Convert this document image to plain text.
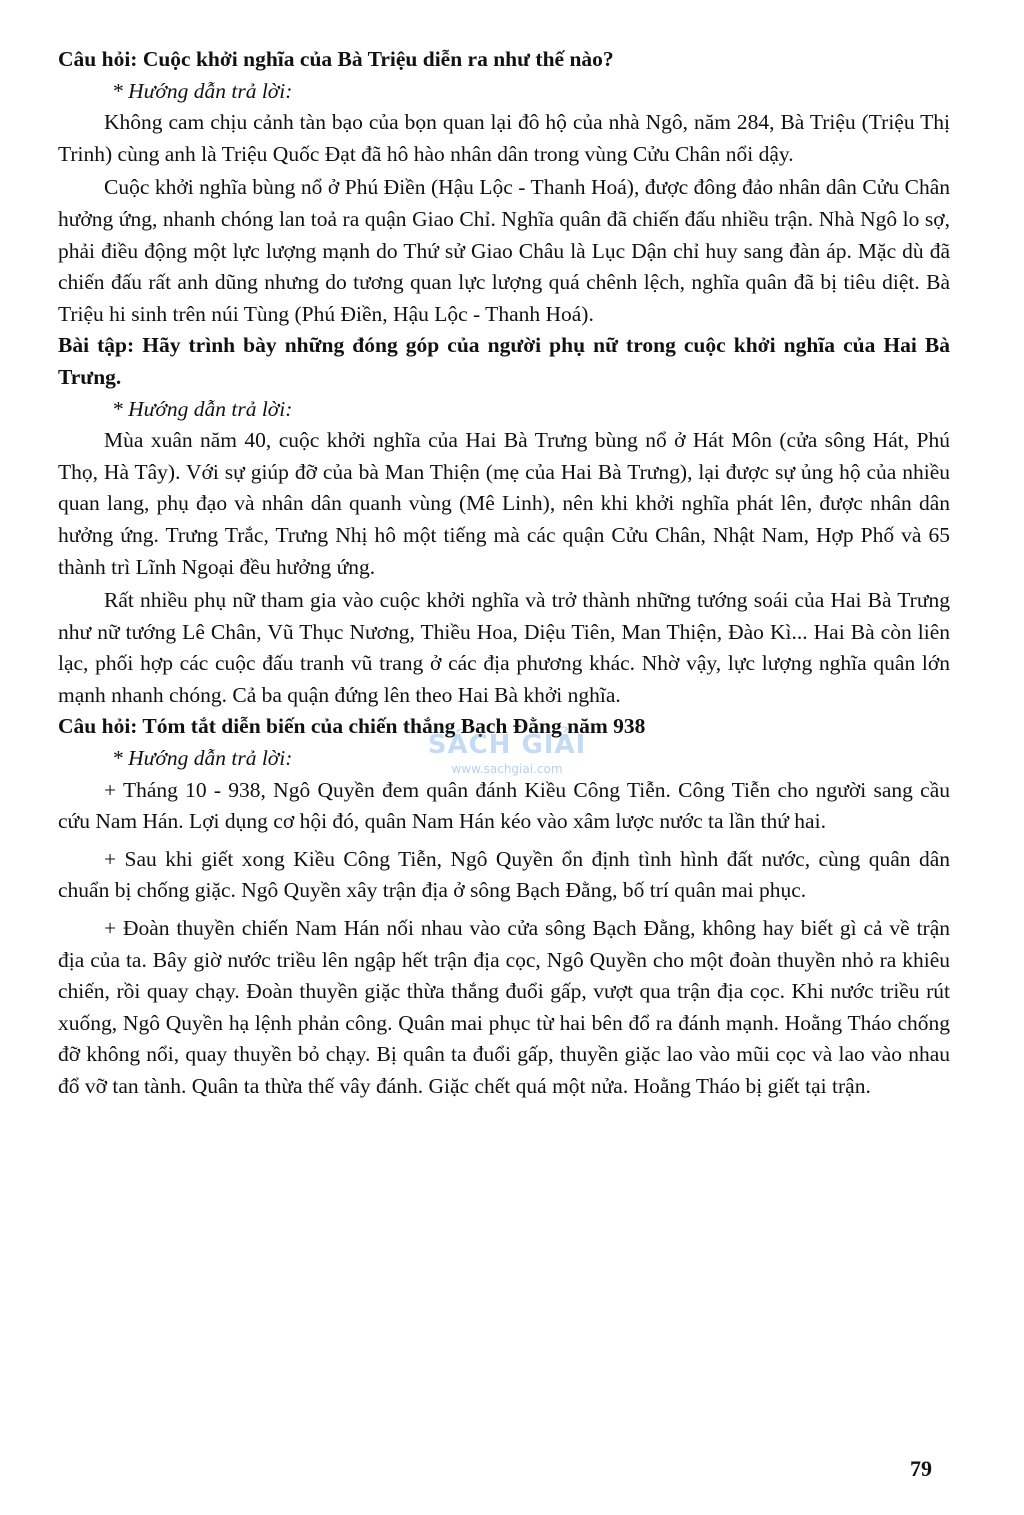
Câu hỏi: Cuộc khởi nghĩa của Bà Triệu diễn ra như thế nào?

* Hướng dẫn trả lời:

Không cam chịu cảnh tàn bạo của bọn quan lại đô hộ của nhà Ngô, năm 284, Bà Triệu (Triệu Thị Trinh) cùng anh là Triệu Quốc Đạt đã hô hào nhân dân trong vùng Cửu Chân nổi dậy.

Cuộc khởi nghĩa bùng nổ ở Phú Điền (Hậu Lộc - Thanh Hoá), được đông đảo nhân dân Cửu Chân hưởng ứng, nhanh chóng lan toả ra quận Giao Chỉ. Nghĩa quân đã chiến đấu nhiều trận. Nhà Ngô lo sợ, phải điều động một lực lượng mạnh do Thứ sử Giao Châu là Lục Dận chỉ huy sang đàn áp. Mặc dù đã chiến đấu rất anh dũng nhưng do tương quan lực lượng quá chênh lệch, nghĩa quân đã bị tiêu diệt. Bà Triệu hi sinh trên núi Tùng (Phú Điền, Hậu Lộc - Thanh Hoá).

Bài tập: Hãy trình bày những đóng góp của người phụ nữ trong cuộc khởi nghĩa của Hai Bà Trưng.

* Hướng dẫn trả lời:

Mùa xuân năm 40, cuộc khởi nghĩa của Hai Bà Trưng bùng nổ ở Hát Môn (cửa sông Hát, Phú Thọ, Hà Tây). Với sự giúp đỡ của bà Man Thiện (mẹ của Hai Bà Trưng), lại được sự ủng hộ của nhiều quan lang, phụ đạo và nhân dân quanh vùng (Mê Linh), nên khi khởi nghĩa phát lên, được nhân dân hưởng ứng. Trưng Trắc, Trưng Nhị hô một tiếng mà các quận Cửu Chân, Nhật Nam, Hợp Phố và 65 thành trì Lĩnh Ngoại đều hưởng ứng.

Rất nhiều phụ nữ tham gia vào cuộc khởi nghĩa và trở thành những tướng soái của Hai Bà Trưng như nữ tướng Lê Chân, Vũ Thục Nương, Thiều Hoa, Diệu Tiên, Man Thiện, Đào Kì... Hai Bà còn liên lạc, phối hợp các cuộc đấu tranh vũ trang ở các địa phương khác. Nhờ vậy, lực lượng nghĩa quân lớn mạnh nhanh chóng. Cả ba quận đứng lên theo Hai Bà khởi nghĩa.

Câu hỏi: Tóm tắt diễn biến của chiến thắng Bạch Đằng năm 938

* Hướng dẫn trả lời:

+ Tháng 10 - 938, Ngô Quyền đem quân đánh Kiều Công Tiễn. Công Tiễn cho người sang cầu cứu Nam Hán. Lợi dụng cơ hội đó, quân Nam Hán kéo vào xâm lược nước ta lần thứ hai.

+ Sau khi giết xong Kiều Công Tiễn, Ngô Quyền ổn định tình hình đất nước, cùng quân dân chuẩn bị chống giặc. Ngô Quyền xây trận địa ở sông Bạch Đằng, bố trí quân mai phục.

+ Đoàn thuyền chiến Nam Hán nối nhau vào cửa sông Bạch Đằng, không hay biết gì cả về trận địa của ta. Bây giờ nước triều lên ngập hết trận địa cọc, Ngô Quyền cho một đoàn thuyền nhỏ ra khiêu chiến, rồi quay chạy. Đoàn thuyền giặc thừa thắng đuổi gấp, vượt qua trận địa cọc. Khi nước triều rút xuống, Ngô Quyền hạ lệnh phản công. Quân mai phục từ hai bên đổ ra đánh mạnh. Hoằng Tháo chống đỡ không nổi, quay thuyền bỏ chạy. Bị quân ta đuổi gấp, thuyền giặc lao vào mũi cọc và lao vào nhau đổ vỡ tan tành. Quân ta thừa thế vây đánh. Giặc chết quá một nửa. Hoằng Tháo bị giết tại trận.

SÁCH GIẢI
www.sachgiai.com
79
